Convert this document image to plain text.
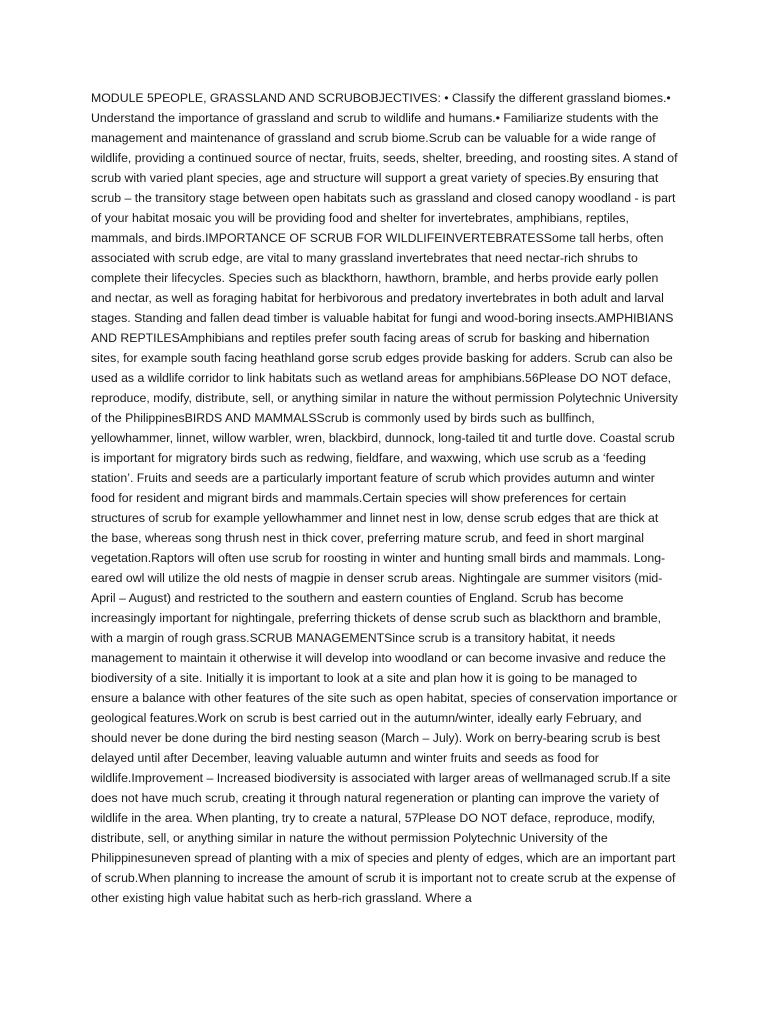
MODULE 5PEOPLE, GRASSLAND AND SCRUBOBJECTIVES: • Classify the different grassland biomes.• Understand the importance of grassland and scrub to wildlife and humans.• Familiarize students with the management and maintenance of grassland and scrub biome.Scrub can be valuable for a wide range of wildlife, providing a continued source of nectar, fruits, seeds, shelter, breeding, and roosting sites. A stand of scrub with varied plant species, age and structure will support a great variety of species.By ensuring that scrub – the transitory stage between open habitats such as grassland and closed canopy woodland - is part of your habitat mosaic you will be providing food and shelter for invertebrates, amphibians, reptiles, mammals, and birds.IMPORTANCE OF SCRUB FOR WILDLIFEINVERTEBRATESSome tall herbs, often associated with scrub edge, are vital to many grassland invertebrates that need nectar-rich shrubs to complete their lifecycles. Species such as blackthorn, hawthorn, bramble, and herbs provide early pollen and nectar, as well as foraging habitat for herbivorous and predatory invertebrates in both adult and larval stages. Standing and fallen dead timber is valuable habitat for fungi and wood-boring insects.AMPHIBIANS AND REPTILESAmphibians and reptiles prefer south facing areas of scrub for basking and hibernation sites, for example south facing heathland gorse scrub edges provide basking for adders. Scrub can also be used as a wildlife corridor to link habitats such as wetland areas for amphibians.56Please DO NOT deface, reproduce, modify, distribute, sell, or anything similar in nature the without permission Polytechnic University of the PhilippinesBIRDS AND MAMMALSScrub is commonly used by birds such as bullfinch, yellowhammer, linnet, willow warbler, wren, blackbird, dunnock, long-tailed tit and turtle dove. Coastal scrub is important for migratory birds such as redwing, fieldfare, and waxwing, which use scrub as a ‘feeding station’. Fruits and seeds are a particularly important feature of scrub which provides autumn and winter food for resident and migrant birds and mammals.Certain species will show preferences for certain structures of scrub for example yellowhammer and linnet nest in low, dense scrub edges that are thick at the base, whereas song thrush nest in thick cover, preferring mature scrub, and feed in short marginal vegetation.Raptors will often use scrub for roosting in winter and hunting small birds and mammals. Long-eared owl will utilize the old nests of magpie in denser scrub areas. Nightingale are summer visitors (mid-April – August) and restricted to the southern and eastern counties of England. Scrub has become increasingly important for nightingale, preferring thickets of dense scrub such as blackthorn and bramble, with a margin of rough grass.SCRUB MANAGEMENTSince scrub is a transitory habitat, it needs management to maintain it otherwise it will develop into woodland or can become invasive and reduce the biodiversity of a site. Initially it is important to look at a site and plan how it is going to be managed to ensure a balance with other features of the site such as open habitat, species of conservation importance or geological features.Work on scrub is best carried out in the autumn/winter, ideally early February, and should never be done during the bird nesting season (March – July). Work on berry-bearing scrub is best delayed until after December, leaving valuable autumn and winter fruits and seeds as food for wildlife.Improvement – Increased biodiversity is associated with larger areas of wellmanaged scrub.If a site does not have much scrub, creating it through natural regeneration or planting can improve the variety of wildlife in the area. When planting, try to create a natural, 57Please DO NOT deface, reproduce, modify, distribute, sell, or anything similar in nature the without permission Polytechnic University of the Philippinesuneven spread of planting with a mix of species and plenty of edges, which are an important part of scrub.When planning to increase the amount of scrub it is important not to create scrub at the expense of other existing high value habitat such as herb-rich grassland. Where a
